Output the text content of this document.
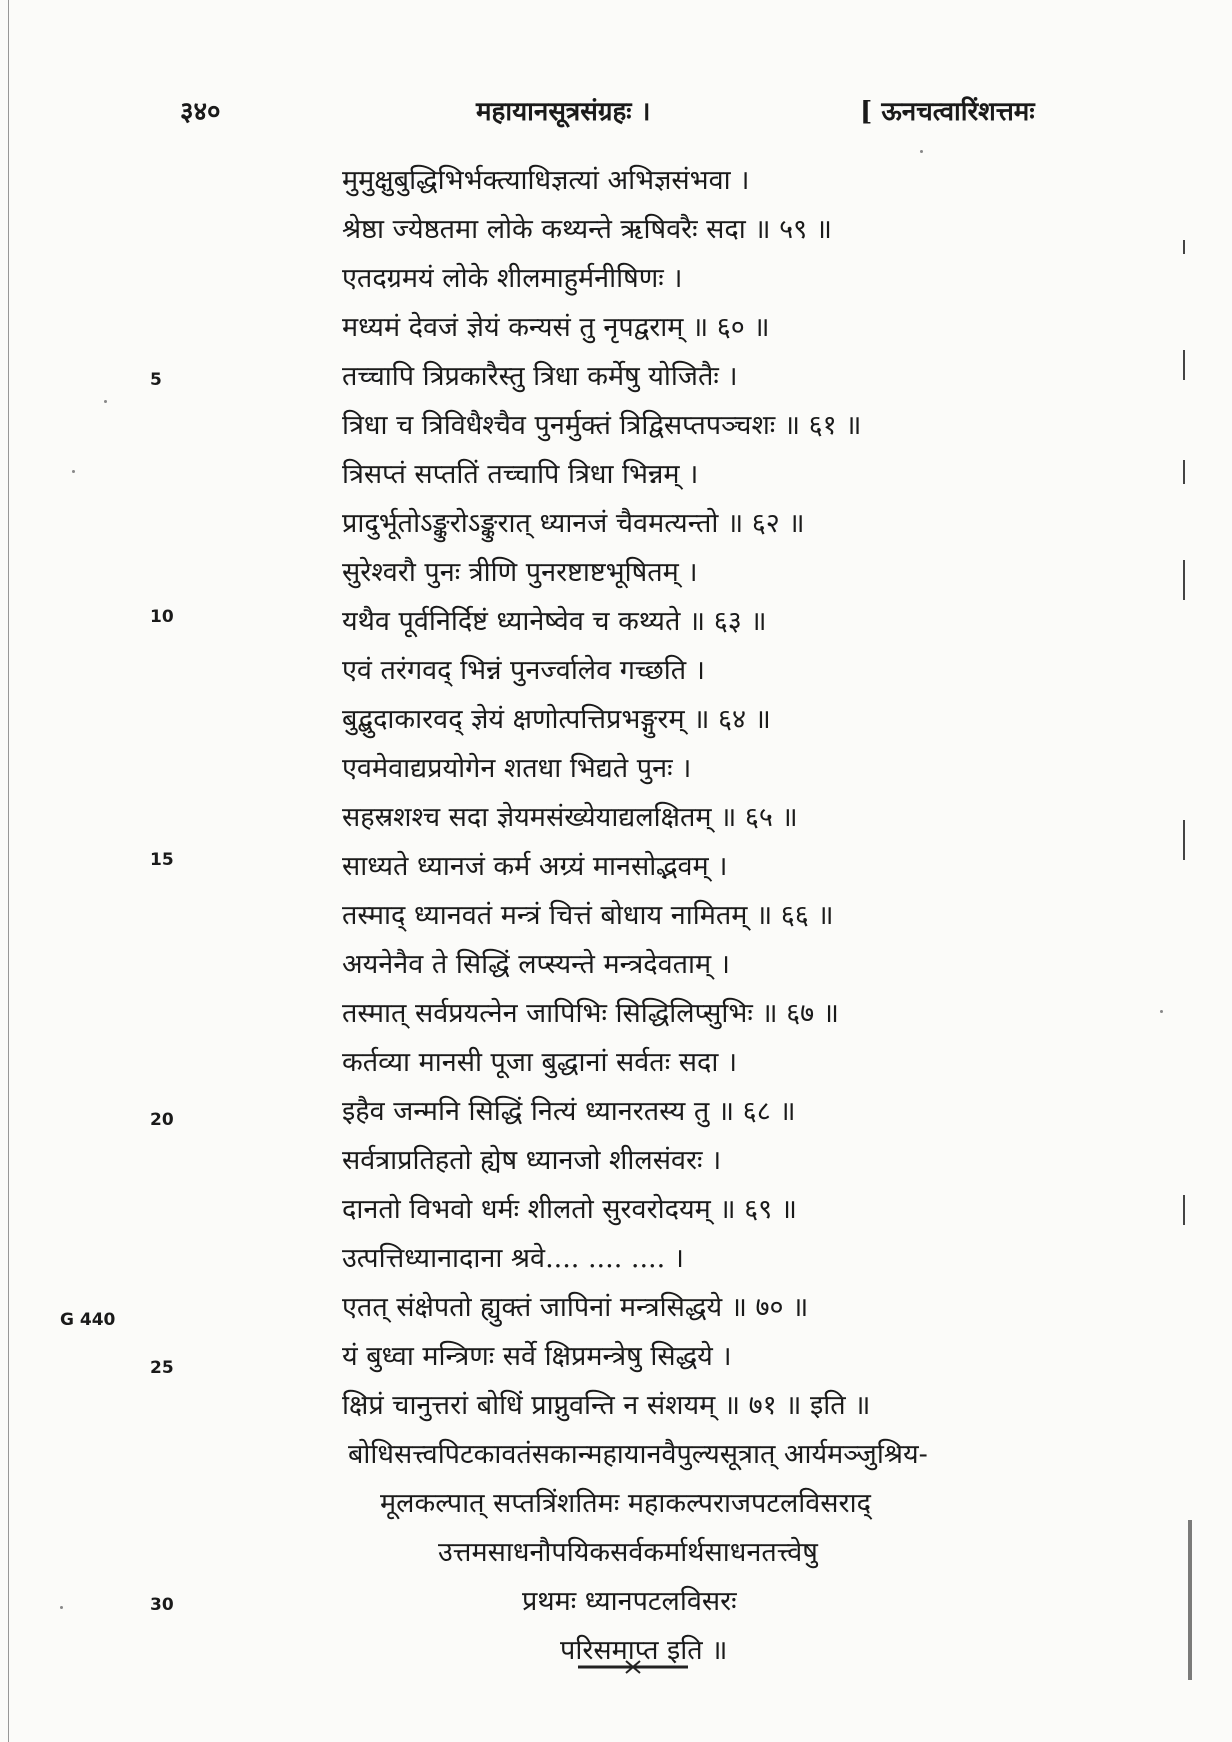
३४०	महायानसूत्रसंग्रहः ।	[ ऊनचत्वारिंशत्तमः
मुमुक्षुबुद्धिभिर्भक्त्याधिज्ञत्यां अभिज्ञसंभवा ।
श्रेष्ठा ज्येष्ठतमा लोके कथ्यन्ते ऋषिवरैः सदा ॥ ५९ ॥
एतदग्रमयं लोके शीलमाहुर्मनीषिणः ।
मध्यमं देवजं ज्ञेयं कन्यसं तु नृपद्वराम् ॥ ६० ॥
तच्चापि त्रिप्रकारैस्तु त्रिधा कर्मेषु योजितैः ।
त्रिधा च त्रिविधैश्चैव पुनर्मुक्तं त्रिद्विसप्तपञ्चशः ॥ ६१ ॥
त्रिसप्तं सप्ततिं तच्चापि त्रिधा भिन्नम् ।
प्रादुर्भूतोऽङ्कुरोऽङ्कुरात् ध्यानजं चैवमत्यन्तो ॥ ६२ ॥
सुरेश्वरौ पुनः त्रीणि पुनरष्टाष्टभूषितम् ।
यथैव पूर्वनिर्दिष्टं ध्यानेष्वेव च कथ्यते ॥ ६३ ॥
एवं तरंगवद् भिन्नं पुनर्ज्वालेव गच्छति ।
बुद्बुदाकारवद् ज्ञेयं क्षणोत्पत्तिप्रभङ्गुरम् ॥ ६४ ॥
एवमेवाद्यप्रयोगेन शतधा भिद्यते पुनः ।
सहस्रशश्च सदा ज्ञेयमसंख्येयाद्यलक्षितम् ॥ ६५ ॥
साध्यते ध्यानजं कर्म अग्र्यं मानसोद्भवम् ।
तस्माद् ध्यानवतं मन्त्रं चित्तं बोधाय नामितम् ॥ ६६ ॥
अयनेनैव ते सिद्धिं लप्स्यन्ते मन्त्रदेवताम् ।
तस्मात् सर्वप्रयत्नेन जापिभिः सिद्धिलिप्सुभिः ॥ ६७ ॥
कर्तव्या मानसी पूजा बुद्धानां सर्वतः सदा ।
इहैव जन्मनि सिद्धिं नित्यं ध्यानरतस्य तु ॥ ६८ ॥
सर्वत्राप्रतिहतो ह्येष ध्यानजो शीलसंवरः ।
दानतो विभवो धर्मः शीलतो सुरवरोदयम् ॥ ६९ ॥
उत्पत्तिध्यानादाना श्रवे.... .... .... ।
एतत् संक्षेपतो ह्युक्तं जापिनां मन्त्रसिद्धये ॥ ७० ॥
यं बुध्वा मन्त्रिणः सर्वे क्षिप्रमन्त्रेषु सिद्धये ।
क्षिप्रं चानुत्तरां बोधिं प्राप्नुवन्ति न संशयम् ॥ ७१ ॥ इति ॥
बोधिसत्त्वपिटकावतंसकान्महायानवैपुल्यसूत्रात् आर्यमञ्जुश्रिय-
मूलकल्पात् सप्तत्रिंशतिमः महाकल्पराजपटलविसराद्
उत्तमसाधनौपयिकसर्वकर्मार्थसाधनतत्त्वेषु
प्रथमः ध्यानपटलविसरः
परिसमाप्त इति ॥
5
10
15
20
25
30
G 440
